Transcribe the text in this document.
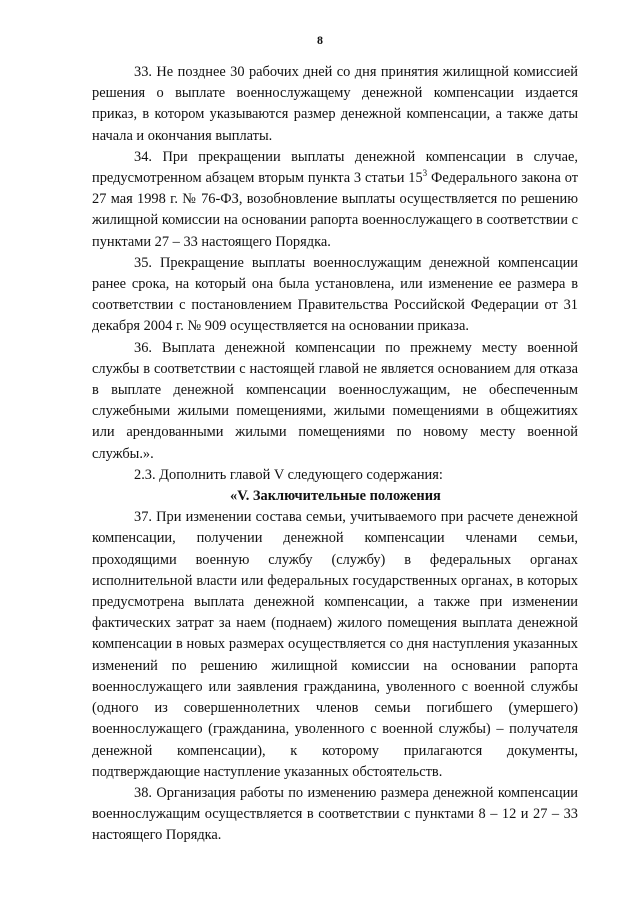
8

33. Не позднее 30 рабочих дней со дня принятия жилищной комиссией решения о выплате военнослужащему денежной компенсации издается приказ, в котором указываются размер денежной компенсации, а также даты начала и окончания выплаты.

34. При прекращении выплаты денежной компенсации в случае, предусмотренном абзацем вторым пункта 3 статьи $15^3$ Федерального закона от 27 мая 1998 г. № 76-ФЗ, возобновление выплаты осуществляется по решению жилищной комиссии на основании рапорта военнослужащего в соответствии с пунктами 27 – 33 настоящего Порядка.

35. Прекращение выплаты военнослужащим денежной компенсации ранее срока, на который она была установлена, или изменение ее размера в соответствии с постановлением Правительства Российской Федерации от 31 декабря 2004 г. № 909 осуществляется на основании приказа.

36. Выплата денежной компенсации по прежнему месту военной службы в соответствии с настоящей главой не является основанием для отказа в выплате денежной компенсации военнослужащим, не обеспеченным служебными жилыми помещениями, жилыми помещениями в общежитиях или арендованными жилыми помещениями по новому месту военной службы.».

2.3. Дополнить главой V следующего содержания:

«V. Заключительные положения

37. При изменении состава семьи, учитываемого при расчете денежной компенсации, получении денежной компенсации членами семьи, проходящими военную службу (службу) в федеральных органах исполнительной власти или федеральных государственных органах, в которых предусмотрена выплата денежной компенсации, а также при изменении фактических затрат за наем (поднаем) жилого помещения выплата денежной компенсации в новых размерах осуществляется со дня наступления указанных изменений по решению жилищной комиссии на основании рапорта военнослужащего или заявления гражданина, уволенного с военной службы (одного из совершеннолетних членов семьи погибшего (умершего) военнослужащего (гражданина, уволенного с военной службы) – получателя денежной компенсации), к которому прилагаются документы, подтверждающие наступление указанных обстоятельств.

38. Организация работы по изменению размера денежной компенсации военнослужащим осуществляется в соответствии с пунктами 8 – 12 и 27 – 33 настоящего Порядка.
